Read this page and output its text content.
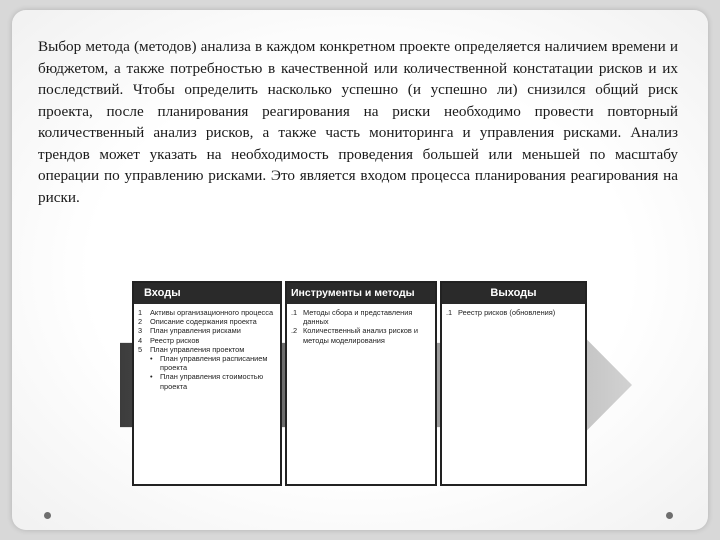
Выбор метода (методов) анализа в каждом конкретном проекте определяется наличием времени и бюджетом, а также потребностью в качественной или количественной констатации рисков и их последствий. Чтобы определить насколько успешно (и успешно ли) снизился общий риск проекта, после планирования реагирования на риски необходимо провести повторный количественный анализ рисков, а также часть мониторинга и управления рисками. Анализ трендов может указать на необходимость проведения большей или меньшей по масштабу операции по управлению рисками. Это является входом процесса планирования реагирования на риски.

Входы
1 Активы организационного процесса
2 Описание содержания проекта
3 План управления рисками
4 Реестр рисков
5 План управления проектом
• План управления расписанием проекта
• План управления стоимостью проекта
Инструменты и методы
.1 Методы сбора и представления данных
.2 Количественный анализ рисков и методы моделирования
Выходы
.1 Реестр рисков (обновления)
